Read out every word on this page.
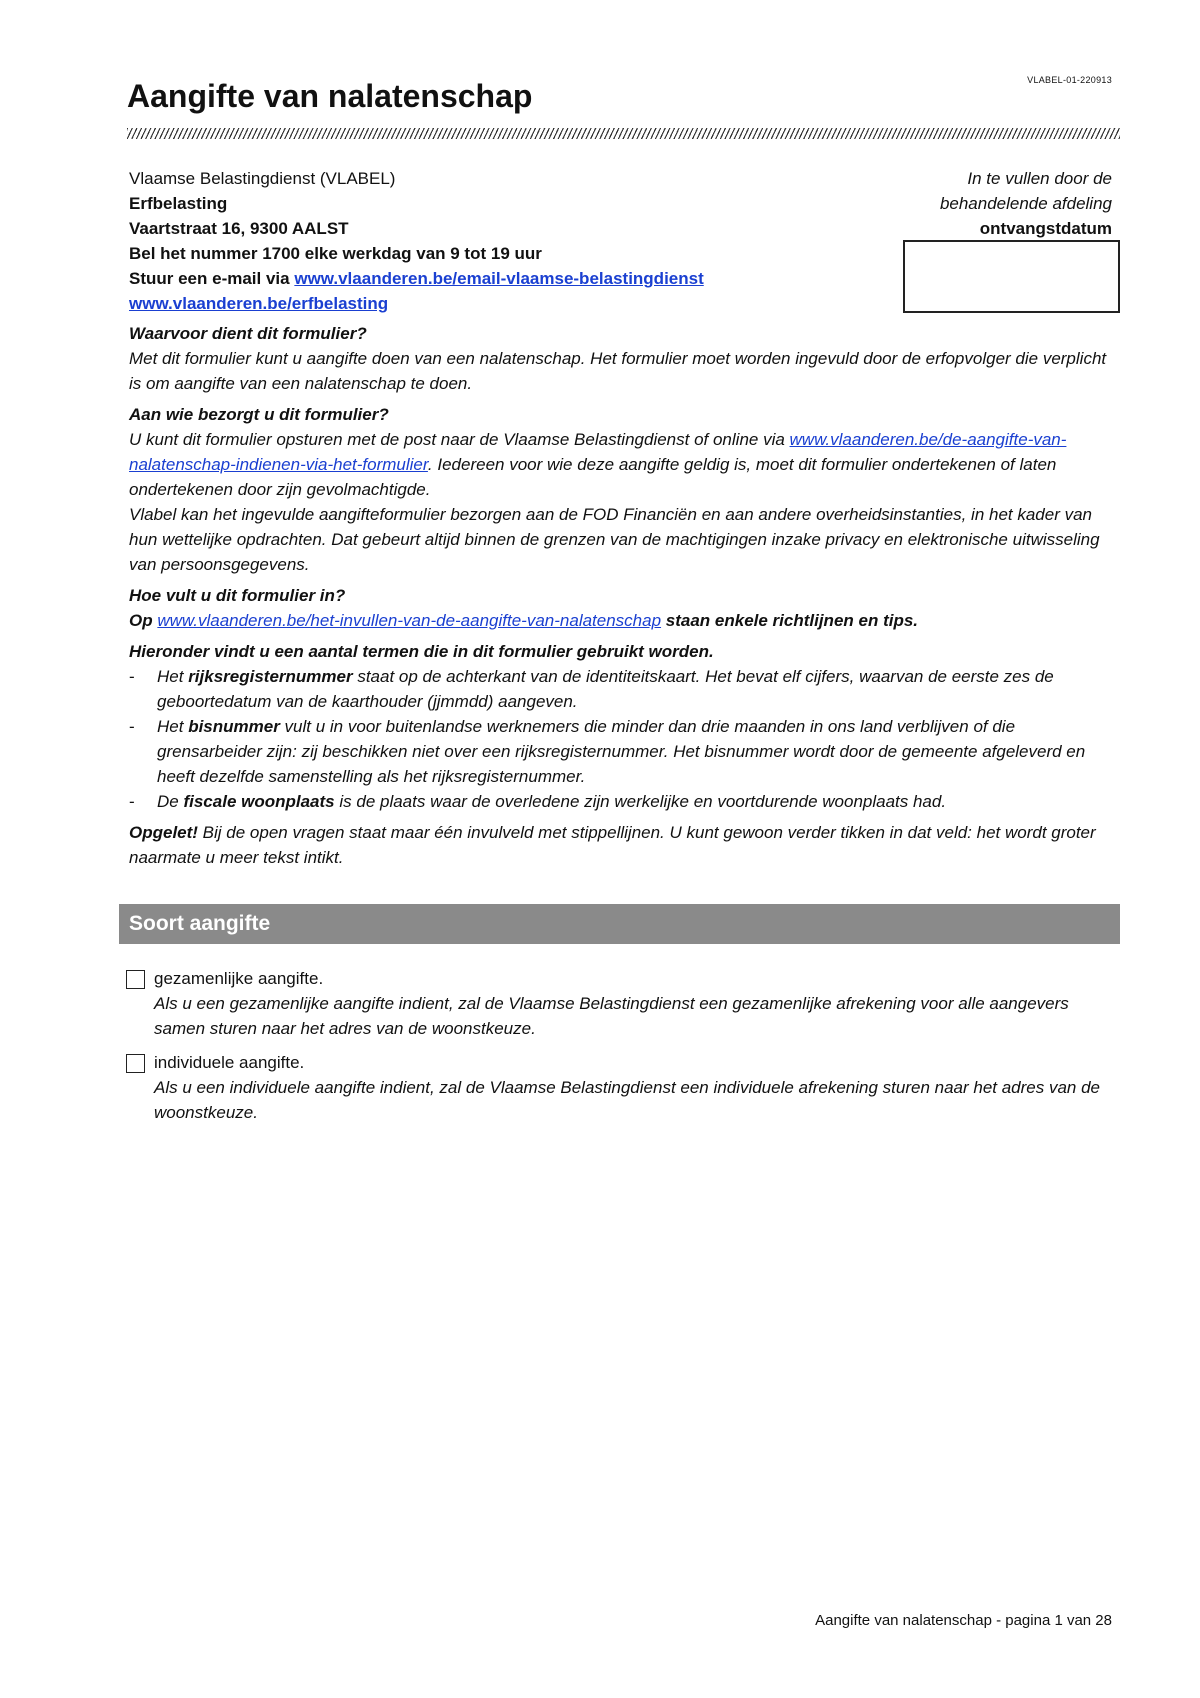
VLABEL-01-220913
Aangifte van nalatenschap
Vlaamse Belastingdienst (VLABEL)
Erfbelasting
Vaartstraat 16, 9300 AALST
Bel het nummer 1700 elke werkdag van 9 tot 19 uur
Stuur een e-mail via www.vlaanderen.be/email-vlaamse-belastingdienst
www.vlaanderen.be/erfbelasting
In te vullen door de
behandelende afdeling
ontvangstdatum

Waarvoor dient dit formulier?

Met dit formulier kunt u aangifte doen van een nalatenschap. Het formulier moet worden ingevuld door de erfopvolger die verplicht is om aangifte van een nalatenschap te doen.

Aan wie bezorgt u dit formulier?

U kunt dit formulier opsturen met de post naar de Vlaamse Belastingdienst of online via www.vlaanderen.be/de-aangifte-van-nalatenschap-indienen-via-het-formulier. Iedereen voor wie deze aangifte geldig is, moet dit formulier ondertekenen of laten ondertekenen door zijn gevolmachtigde.

Vlabel kan het ingevulde aangifteformulier bezorgen aan de FOD Financiën en aan andere overheidsinstanties, in het kader van hun wettelijke opdrachten. Dat gebeurt altijd binnen de grenzen van de machtigingen inzake privacy en elektronische uitwisseling van persoonsgegevens.

Hoe vult u dit formulier in?

Op www.vlaanderen.be/het-invullen-van-de-aangifte-van-nalatenschap staan enkele richtlijnen en tips.

Hieronder vindt u een aantal termen die in dit formulier gebruikt worden.

- Het rijksregisternummer staat op de achterkant van de identiteitskaart. Het bevat elf cijfers, waarvan de eerste zes de geboortedatum van de kaarthouder (jjmmdd) aangeven.
- Het bisnummer vult u in voor buitenlandse werknemers die minder dan drie maanden in ons land verblijven of die grensarbeider zijn: zij beschikken niet over een rijksregisternummer. Het bisnummer wordt door de gemeente afgeleverd en heeft dezelfde samenstelling als het rijksregisternummer.
- De fiscale woonplaats is de plaats waar de overledene zijn werkelijke en voortdurende woonplaats had.

Opgelet! Bij de open vragen staat maar één invulveld met stippellijnen. U kunt gewoon verder tikken in dat veld: het wordt groter naarmate u meer tekst intikt.

Soort aangifte
gezamenlijke aangifte.
Als u een gezamenlijke aangifte indient, zal de Vlaamse Belastingdienst een gezamenlijke afrekening voor alle aangevers samen sturen naar het adres van de woonstkeuze.
individuele aangifte.
Als u een individuele aangifte indient, zal de Vlaamse Belastingdienst een individuele afrekening sturen naar het adres van de woonstkeuze.
Aangifte van nalatenschap - pagina 1 van 28
